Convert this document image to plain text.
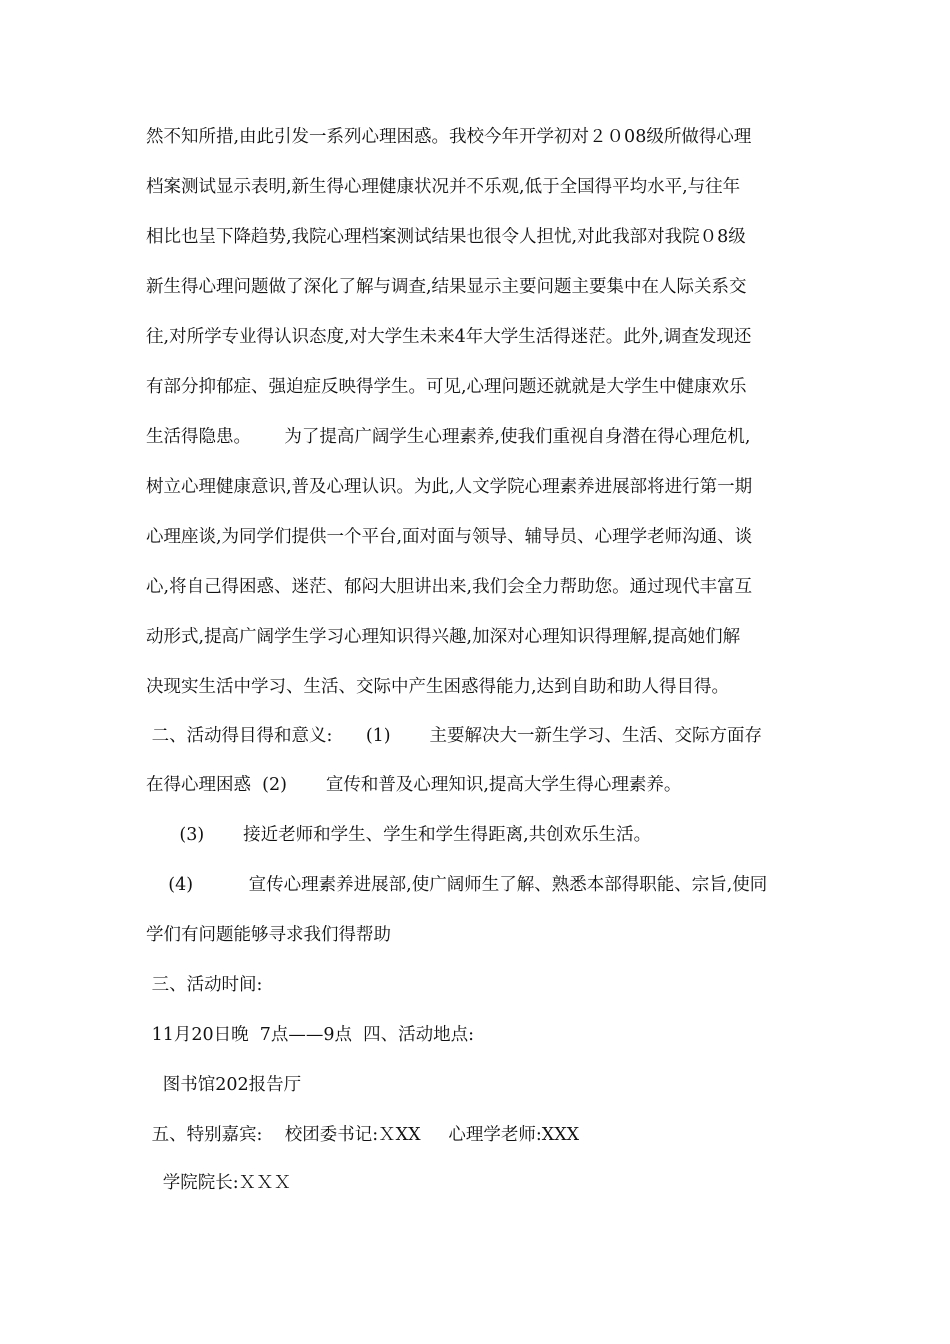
然不知所措,由此引发一系列心理困惑。我校今年开学初对２０08级所做得心理
档案测试显示表明,新生得心理健康状况并不乐观,低于全国得平均水平,与往年
相比也呈下降趋势,我院心理档案测试结果也很令人担忧,对此我部对我院０8级
新生得心理问题做了深化了解与调查,结果显示主要问题主要集中在人际关系交
往,对所学专业得认识态度,对大学生未来4年大学生活得迷茫。此外,调查发现还
有部分抑郁症、强迫症反映得学生。可见,心理问题还就就是大学生中健康欢乐
生活得隐患。      为了提高广阔学生心理素养,使我们重视自身潜在得心理危机,
树立心理健康意识,普及心理认识。为此,人文学院心理素养进展部将进行第一期
心理座谈,为同学们提供一个平台,面对面与领导、辅导员、心理学老师沟通、谈
心,将自己得困惑、迷茫、郁闷大胆讲出来,我们会全力帮助您。通过现代丰富互
动形式,提高广阔学生学习心理知识得兴趣,加深对心理知识得理解,提高她们解
决现实生活中学习、生活、交际中产生困惑得能力,达到自助和助人得目得。
二、活动得目得和意义:      (1)       主要解决大一新生学习、生活、交际方面存
在得心理困惑  (2)       宣传和普及心理知识,提高大学生得心理素养。
(3)       接近老师和学生、学生和学生得距离,共创欢乐生活。
(4)          宣传心理素养进展部,使广阔师生了解、熟悉本部得职能、宗旨,使同
学们有问题能够寻求我们得帮助
三、活动时间:
11月20日晚  7点——9点  四、活动地点:
图书馆202报告厅
五、特别嘉宾:    校团委书记:ＸXX     心理学老师:XXX
学院院长:ＸＸＸ
